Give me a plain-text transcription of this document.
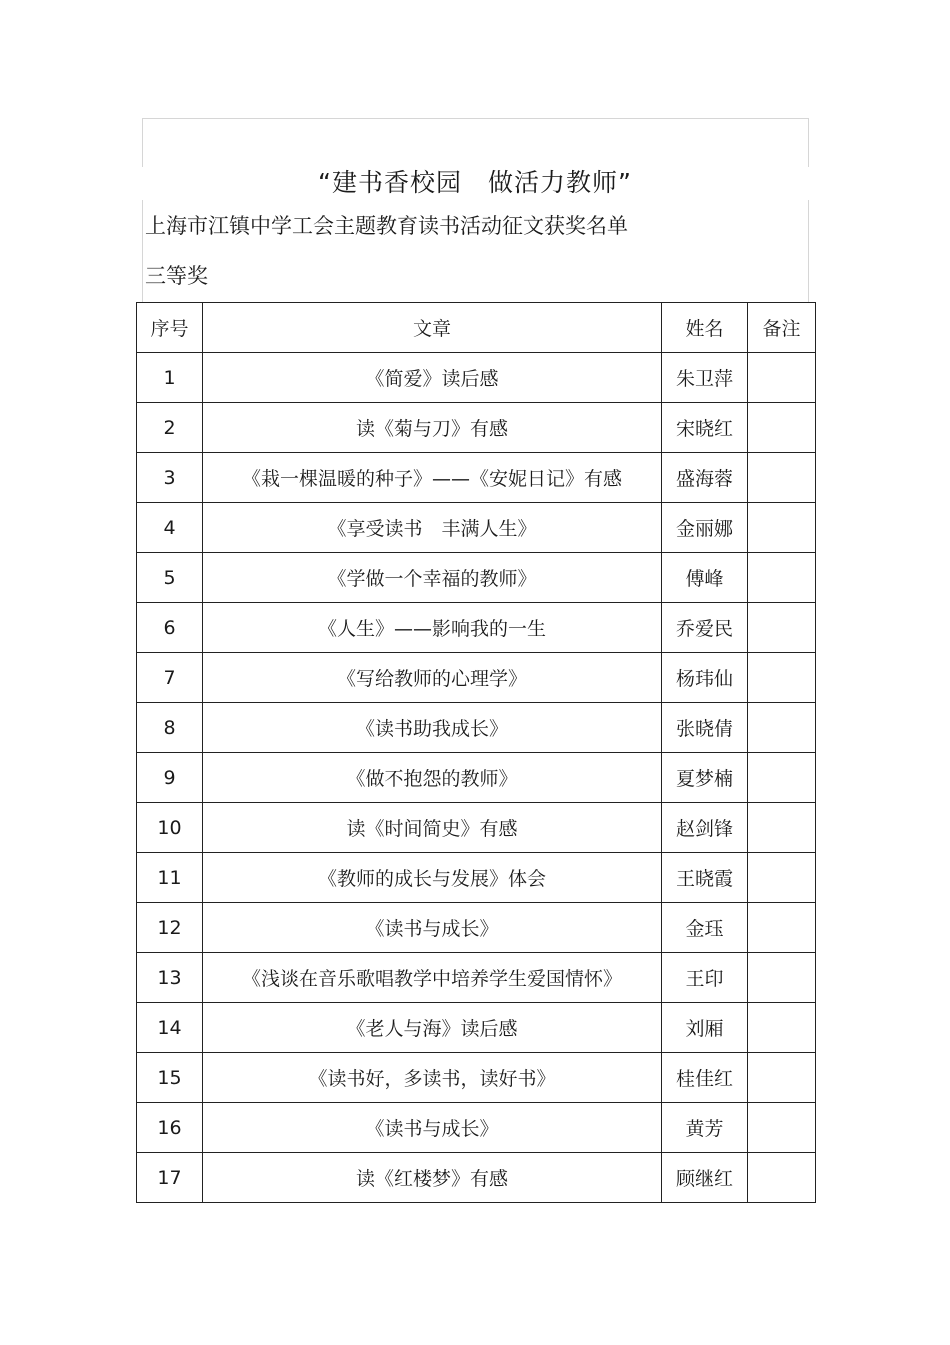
“建书香校园　做活力教师”
上海市江镇中学工会主题教育读书活动征文获奖名单
三等奖
序号	文章	姓名	备注
1	《简爱》读后感	朱卫萍	
2	读《菊与刀》有感	宋晓红	
3	《栽一棵温暖的种子》——《安妮日记》有感	盛海蓉	
4	《享受读书　丰满人生》	金丽娜	
5	《学做一个幸福的教师》	傅峰	
6	《人生》——影响我的一生	乔爱民	
7	《写给教师的心理学》	杨玮仙	
8	《读书助我成长》	张晓倩	
9	《做不抱怨的教师》	夏梦楠	
10	读《时间简史》有感	赵剑锋	
11	《教师的成长与发展》体会	王晓霞	
12	《读书与成长》	金珏	
13	《浅谈在音乐歌唱教学中培养学生爱国情怀》	王印	
14	《老人与海》读后感	刘厢	
15	《读书好，多读书，读好书》	桂佳红	
16	《读书与成长》	黄芳	
17	读《红楼梦》有感	顾继红	
